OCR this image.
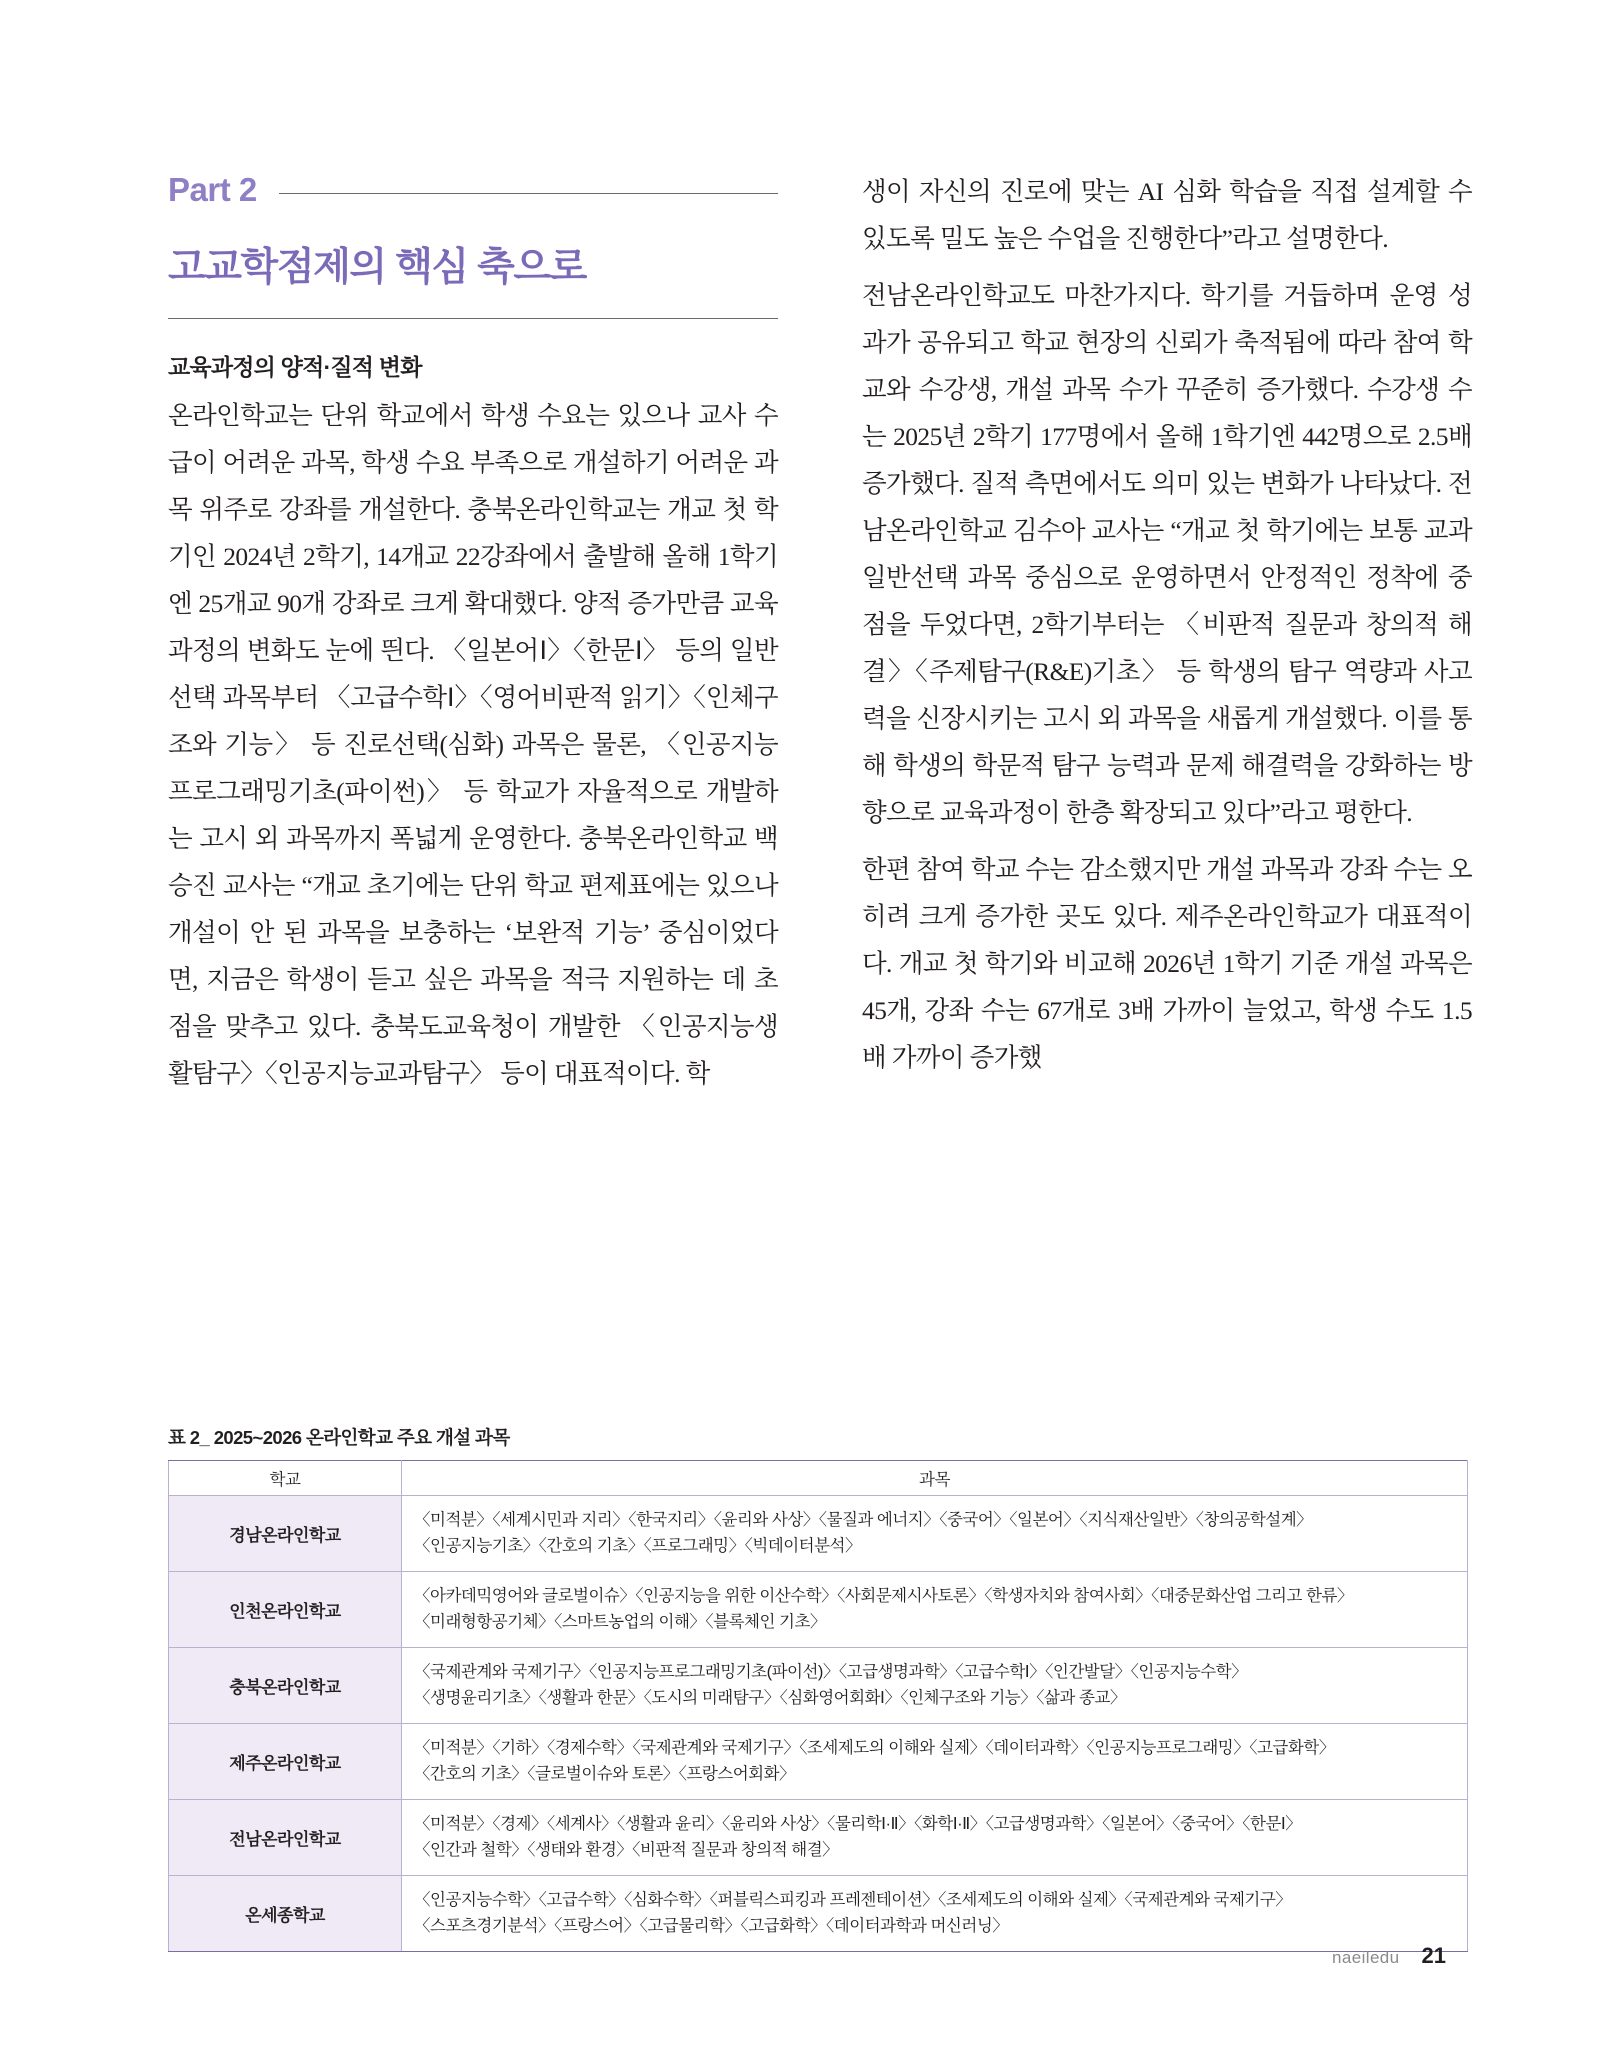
Part 2
고교학점제의 핵심 축으로
교육과정의 양적·질적 변화

온라인학교는 단위 학교에서 학생 수요는 있으나 교사 수급이 어려운 과목, 학생 수요 부족으로 개설하기 어려운 과목 위주로 강좌를 개설한다. 충북온라인학교는 개교 첫 학기인 2024년 2학기, 14개교 22강좌에서 출발해 올해 1학기엔 25개교 90개 강좌로 크게 확대했다. 양적 증가만큼 교육과정의 변화도 눈에 띈다. 〈일본어Ⅰ〉〈한문Ⅰ〉 등의 일반선택 과목부터 〈고급수학Ⅰ〉〈영어비판적 읽기〉〈인체구조와 기능〉 등 진로선택(심화) 과목은 물론, 〈인공지능프로그래밍기초(파이썬)〉 등 학교가 자율적으로 개발하는 고시 외 과목까지 폭넓게 운영한다. 충북온라인학교 백승진 교사는 “개교 초기에는 단위 학교 편제표에는 있으나 개설이 안 된 과목을 보충하는 ‘보완적 기능’ 중심이었다면, 지금은 학생이 듣고 싶은 과목을 적극 지원하는 데 초점을 맞추고 있다. 충북도교육청이 개발한 〈인공지능생활탐구〉〈인공지능교과탐구〉 등이 대표적이다. 학

생이 자신의 진로에 맞는 AI 심화 학습을 직접 설계할 수 있도록 밀도 높은 수업을 진행한다”라고 설명한다.

전남온라인학교도 마찬가지다. 학기를 거듭하며 운영 성과가 공유되고 학교 현장의 신뢰가 축적됨에 따라 참여 학교와 수강생, 개설 과목 수가 꾸준히 증가했다. 수강생 수는 2025년 2학기 177명에서 올해 1학기엔 442명으로 2.5배 증가했다. 질적 측면에서도 의미 있는 변화가 나타났다. 전남온라인학교 김수아 교사는 “개교 첫 학기에는 보통 교과 일반선택 과목 중심으로 운영하면서 안정적인 정착에 중점을 두었다면, 2학기부터는 〈비판적 질문과 창의적 해결〉〈주제탐구(R&E)기초〉 등 학생의 탐구 역량과 사고력을 신장시키는 고시 외 과목을 새롭게 개설했다. 이를 통해 학생의 학문적 탐구 능력과 문제 해결력을 강화하는 방향으로 교육과정이 한층 확장되고 있다”라고 평한다.

한편 참여 학교 수는 감소했지만 개설 과목과 강좌 수는 오히려 크게 증가한 곳도 있다. 제주온라인학교가 대표적이다. 개교 첫 학기와 비교해 2026년 1학기 기준 개설 과목은 45개, 강좌 수는 67개로 3배 가까이 늘었고, 학생 수도 1.5배 가까이 증가했

표 2_ 2025~2026 온라인학교 주요 개설 과목
학교	과목
경남온라인학교	〈미적분〉〈세계시민과 지리〉〈한국지리〉〈윤리와 사상〉〈물질과 에너지〉〈중국어〉〈일본어〉〈지식재산일반〉〈창의공학설계〉
〈인공지능기초〉〈간호의 기초〉〈프로그래밍〉〈빅데이터분석〉
인천온라인학교	〈아카데믹영어와 글로벌이슈〉〈인공지능을 위한 이산수학〉〈사회문제시사토론〉〈학생자치와 참여사회〉〈대중문화산업 그리고 한류〉
〈미래형항공기체〉〈스마트농업의 이해〉〈블록체인 기초〉
충북온라인학교	〈국제관계와 국제기구〉〈인공지능프로그래밍기초(파이선)〉〈고급생명과학〉〈고급수학Ⅰ〉〈인간발달〉〈인공지능수학〉
〈생명윤리기초〉〈생활과 한문〉〈도시의 미래탐구〉〈심화영어회화Ⅰ〉〈인체구조와 기능〉〈삶과 종교〉
제주온라인학교	〈미적분〉〈기하〉〈경제수학〉〈국제관계와 국제기구〉〈조세제도의 이해와 실제〉〈데이터과학〉〈인공지능프로그래밍〉〈고급화학〉
〈간호의 기초〉〈글로벌이슈와 토론〉〈프랑스어회화〉
전남온라인학교	〈미적분〉〈경제〉〈세계사〉〈생활과 윤리〉〈윤리와 사상〉〈물리학Ⅰ·Ⅱ〉〈화학Ⅰ·Ⅱ〉〈고급생명과학〉〈일본어〉〈중국어〉〈한문Ⅰ〉
〈인간과 철학〉〈생태와 환경〉〈비판적 질문과 창의적 해결〉
온세종학교	〈인공지능수학〉〈고급수학〉〈심화수학〉〈퍼블릭스피킹과 프레젠테이션〉〈조세제도의 이해와 실제〉〈국제관계와 국제기구〉
〈스포츠경기분석〉〈프랑스어〉〈고급물리학〉〈고급화학〉〈데이터과학과 머신러닝〉
naeiledu 21
